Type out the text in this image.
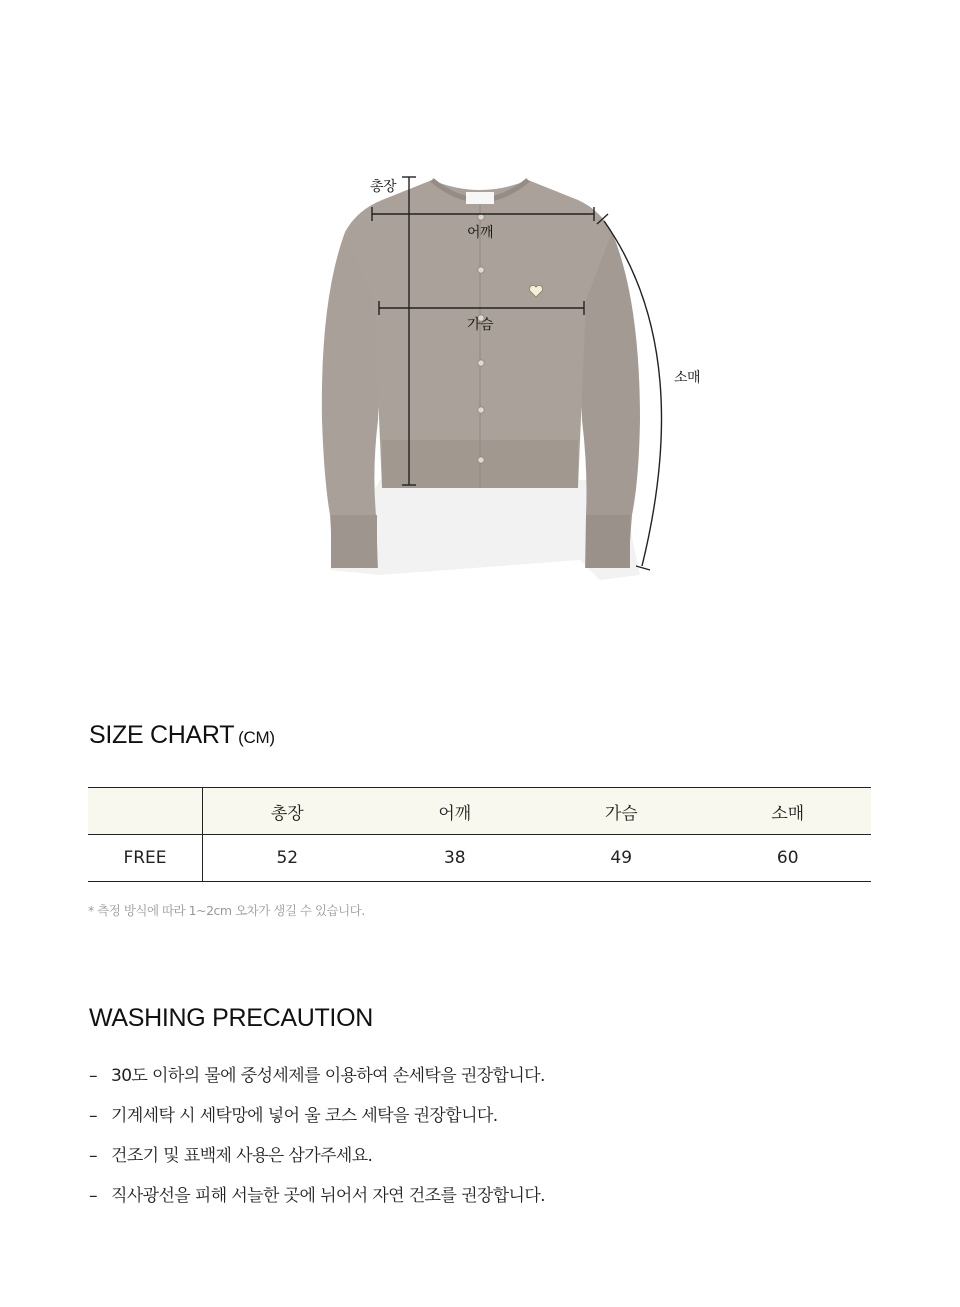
총장
어깨
가슴
소매
SIZE CHART (CM)
	총장	어깨	가슴	소매
FREE	52	38	49	60
* 측정 방식에 따라 1~2cm 오차가 생길 수 있습니다.
WASHING PRECAUTION
– 30도 이하의 물에 중성세제를 이용하여 손세탁을 권장합니다.
– 기계세탁 시 세탁망에 넣어 울 코스 세탁을 권장합니다.
– 건조기 및 표백제 사용은 삼가주세요.
– 직사광선을 피해 서늘한 곳에 뉘어서 자연 건조를 권장합니다.
